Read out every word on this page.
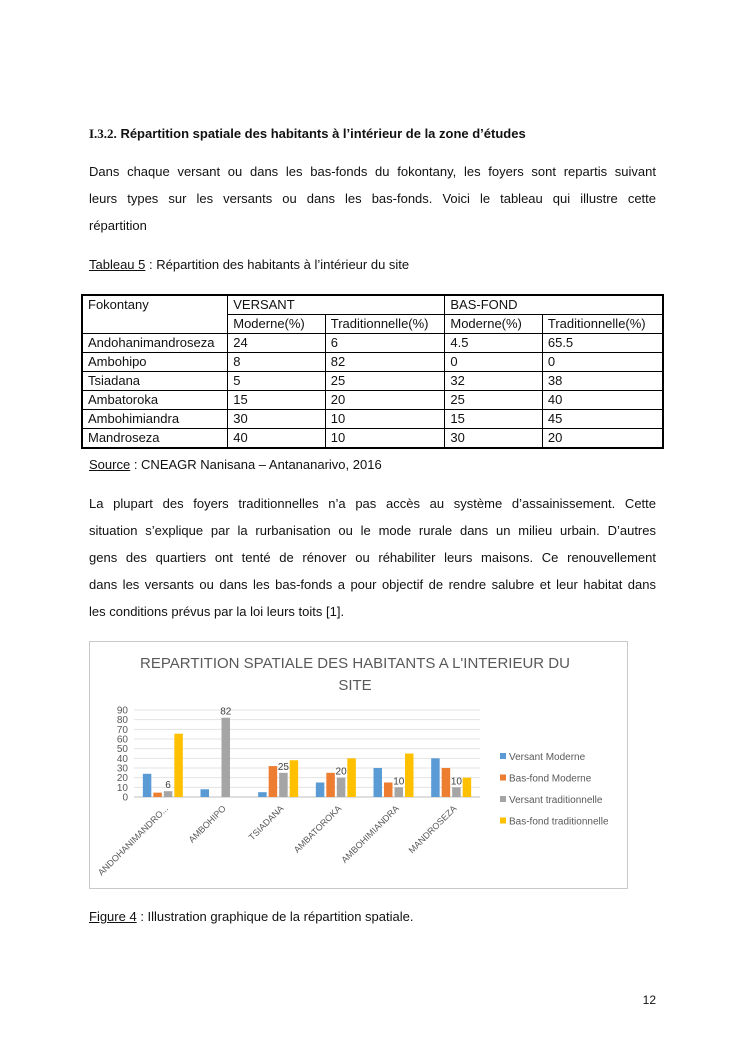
I.3.2. Répartition spatiale des habitants à l’intérieur de la zone d’études
Dans chaque versant ou dans les bas-fonds du fokontany, les foyers sont repartis suivant
leurs types sur les versants ou dans les bas-fonds. Voici le tableau qui illustre cette
répartition
Tableau 5 : Répartition des habitants à l’intérieur du site
Fokontany	VERSANT		BAS-FOND	
	Moderne(%)	Traditionnelle(%)	Moderne(%)	Traditionnelle(%)
Andohanimandroseza	24	6	4.5	65.5
Ambohipo	8	82	0	0
Tsiadana	5	25	32	38
Ambatoroka	15	20	25	40
Ambohimiandra	30	10	15	45
Mandroseza	40	10	30	20
Source : CNEAGR Nanisana – Antananarivo, 2016
La plupart des foyers traditionnelles n’a pas accès au système d’assainissement. Cette
situation s’explique par la rurbanisation ou le mode rurale dans un milieu urbain. D’autres
gens des quartiers ont tenté de rénover ou réhabiliter leurs maisons. Ce renouvellement
dans les versants ou dans les bas-fonds a pour objectif de rendre salubre et leur habitat dans
les conditions prévus par la loi leurs toits [1].
REPARTITION SPATIALE DES HABITANTS A L'INTERIEUR DU
SITE
0
10
20
30
40
50
60
70
80
90
6
82
25	20
10	10
ANDOHANIMANDRO... AMBOHIPO TSIADANA AMBATOROKA
AMBOHIMIANDRA MANDROSEZA
Versant Moderne
Bas-fond Moderne
Versant traditionnelle
Bas-fond traditionnelle
Figure 4 : Illustration graphique de la répartition spatiale.
12
